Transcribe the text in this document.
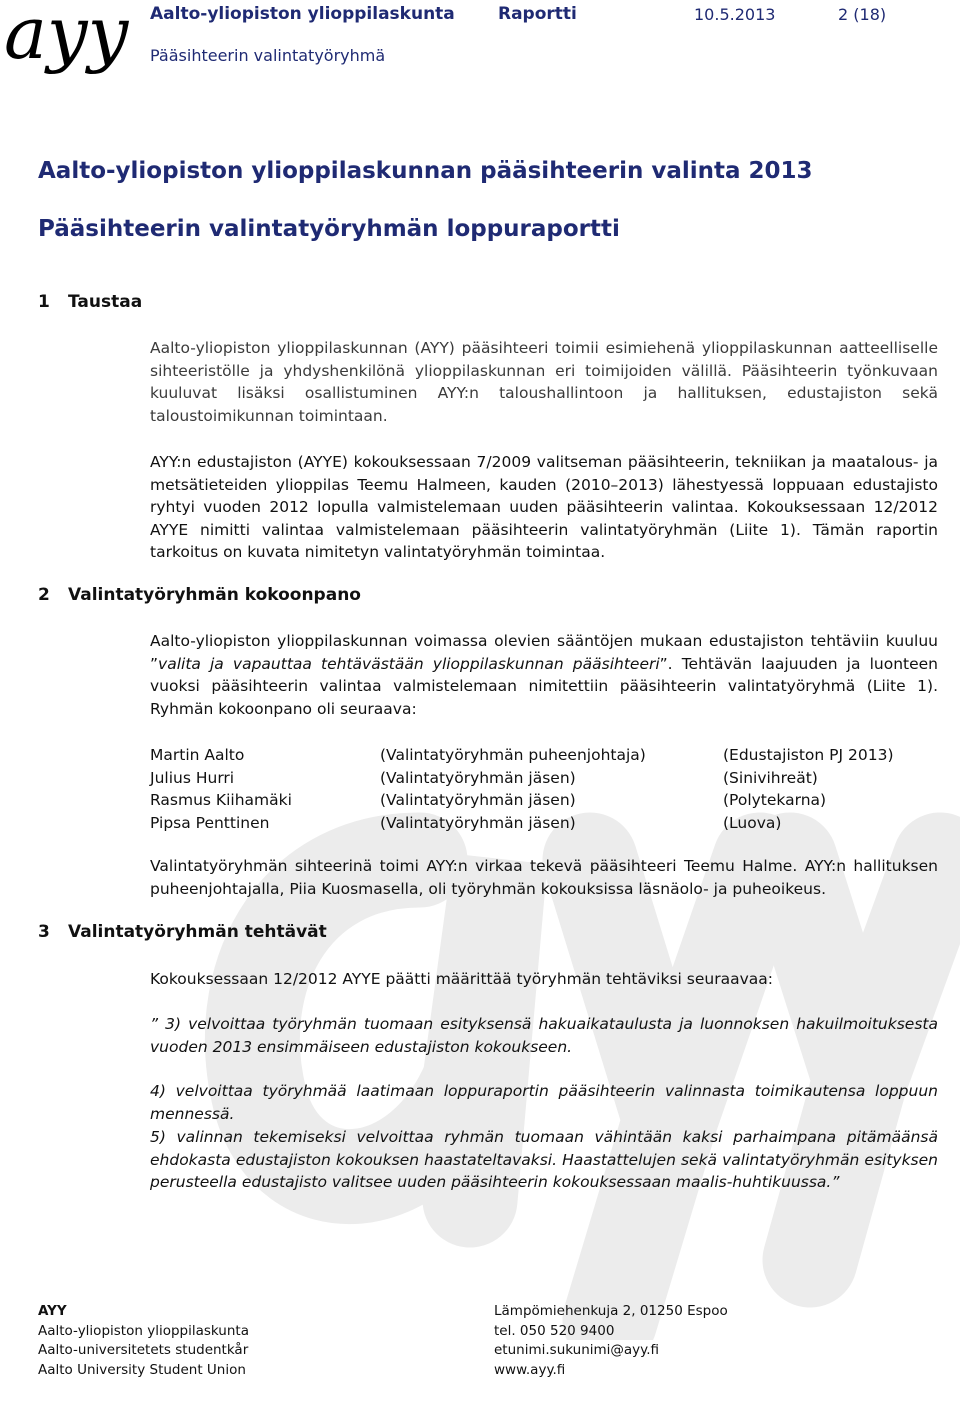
ayy Aalto-yliopiston ylioppilaskunta	Raportti	10.5.2013	2 (18)
Pääsihteerin valintatyöryhmä
Aalto-yliopiston ylioppilaskunnan pääsihteerin valinta 2013
Pääsihteerin valintatyöryhmän loppuraportti
1 Taustaa
Aalto-yliopiston ylioppilaskunnan (AYY) pääsihteeri toimii esimiehenä ylioppilaskunnan aatteelliselle sihteeristölle ja yhdyshenkilönä ylioppilaskunnan eri toimijoiden välillä. Pääsihteerin työnkuvaan kuuluvat lisäksi osallistuminen AYY:n taloushallintoon ja hallituksen, edustajiston sekä taloustoimikunnan toimintaan.
AYY:n edustajiston (AYYE) kokouksessaan 7/2009 valitseman pääsihteerin, tekniikan ja maatalous- ja metsätieteiden ylioppilas Teemu Halmeen, kauden (2010–2013) lähestyessä loppuaan edustajisto ryhtyi vuoden 2012 lopulla valmistelemaan uuden pääsihteerin valintaa. Kokouksessaan 12/2012 AYYE nimitti valintaa valmistelemaan pääsihteerin valintatyöryhmän (Liite 1). Tämän raportin tarkoitus on kuvata nimitetyn valintatyöryhmän toimintaa.
2 Valintatyöryhmän kokoonpano
Aalto-yliopiston ylioppilaskunnan voimassa olevien sääntöjen mukaan edustajiston tehtäviin kuuluu ”valita ja vapauttaa tehtävästään ylioppilaskunnan pääsihteeri”. Tehtävän laajuuden ja luonteen vuoksi pääsihteerin valintaa valmistelemaan nimitettiin pääsihteerin valintatyöryhmä (Liite 1). Ryhmän kokoonpano oli seuraava:
Martin Aalto	(Valintatyöryhmän puheenjohtaja)	(Edustajiston PJ 2013)
Julius Hurri	(Valintatyöryhmän jäsen)	(Sinivihreät)
Rasmus Kiihamäki	(Valintatyöryhmän jäsen)	(Polytekarna)
Pipsa Penttinen	(Valintatyöryhmän jäsen)	(Luova)
Valintatyöryhmän sihteerinä toimi AYY:n virkaa tekevä pääsihteeri Teemu Halme. AYY:n hallituksen puheenjohtajalla, Piia Kuosmasella, oli työryhmän kokouksissa läsnäolo- ja puheoikeus.
3 Valintatyöryhmän tehtävät
Kokouksessaan 12/2012 AYYE päätti määrittää työryhmän tehtäviksi seuraavaa:
” 3) velvoittaa työryhmän tuomaan esityksensä hakuaikataulusta ja luonnoksen hakuilmoituksesta vuoden 2013 ensimmäiseen edustajiston kokoukseen.
4) velvoittaa työryhmää laatimaan loppuraportin pääsihteerin valinnasta toimikautensa loppuun mennessä.
5) valinnan tekemiseksi velvoittaa ryhmän tuomaan vähintään kaksi parhaimpana pitämäänsä ehdokasta edustajiston kokouksen haastateltavaksi. Haastattelujen sekä valintatyöryhmän esityksen perusteella edustajisto valitsee uuden pääsihteerin kokouksessaan maalis-huhtikuussa.”
AYY
Aalto-yliopiston ylioppilaskunta
Aalto-universitetets studentkår
Aalto University Student Union
Lämpömiehenkuja 2, 01250 Espoo
tel. 050 520 9400
etunimi.sukunimi@ayy.fi
www.ayy.fi
